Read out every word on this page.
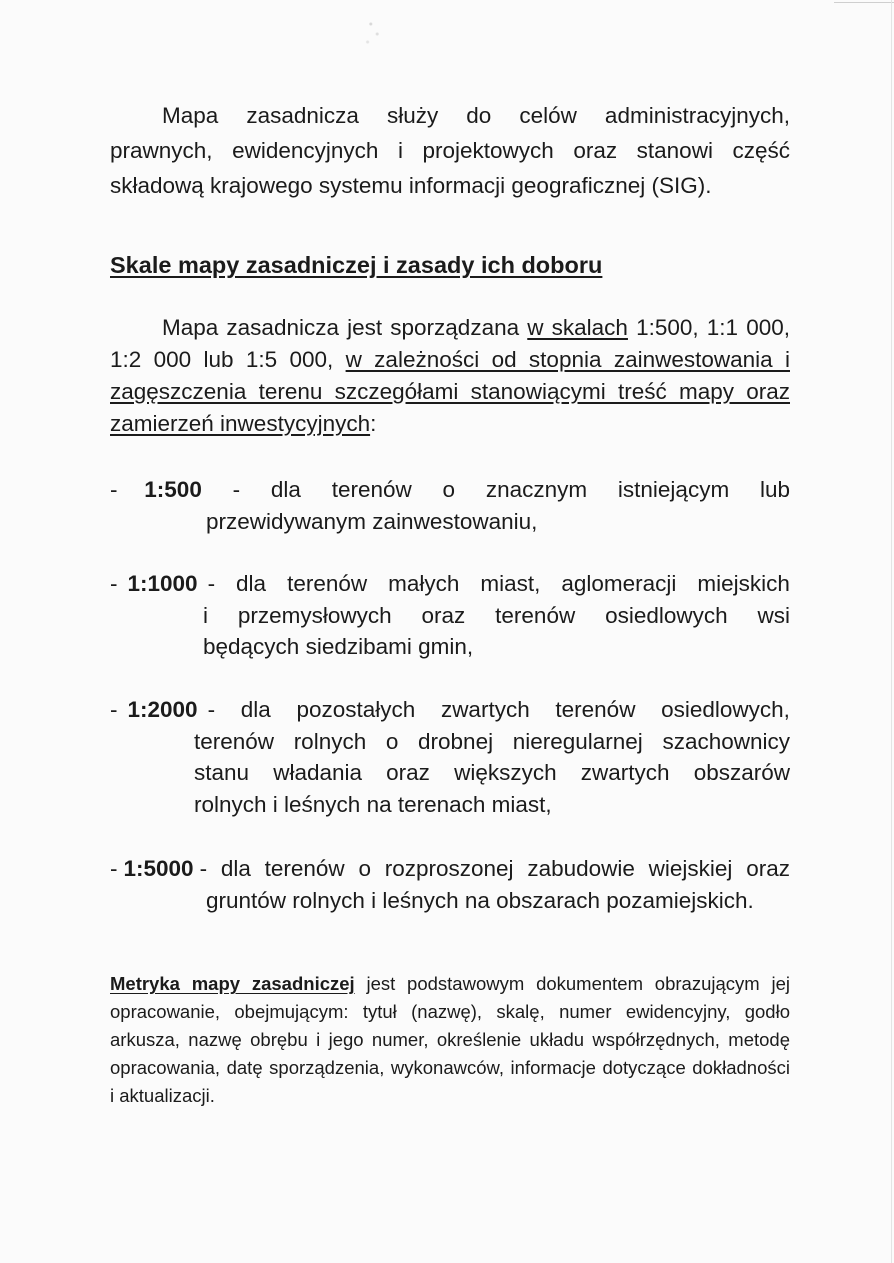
Mapa zasadnicza służy do celów administracyjnych,
prawnych, ewidencyjnych i projektowych oraz stanowi część
składową krajowego systemu informacji geograficznej (SIG).
Skale mapy zasadniczej i zasady ich doboru
Mapa zasadnicza jest sporządzana w skalach 1:500, 1:1 000, 1:2 000 lub 1:5 000, w zależności od stopnia zainwestowania i zagęszczenia terenu szczegółami stanowiącymi treść mapy oraz zamierzeń inwestycyjnych:
- 1:500 - dla terenów o znacznym istniejącym lub
przewidywanym zainwestowaniu,
- 1:1000 - dla terenów małych miast, aglomeracji miejskich
i przemysłowych oraz terenów osiedlowych wsi
będących siedzibami gmin,
- 1:2000 - dla pozostałych zwartych terenów osiedlowych,
terenów rolnych o drobnej nieregularnej szachownicy
stanu władania oraz większych zwartych obszarów
rolnych i leśnych na terenach miast,
- 1:5000 - dla terenów o rozproszonej zabudowie wiejskiej oraz
gruntów rolnych i leśnych na obszarach pozamiejskich.
Metryka mapy zasadniczej jest podstawowym dokumentem obrazującym jej opracowanie, obejmującym: tytuł (nazwę), skalę, numer ewidencyjny, godło arkusza, nazwę obrębu i jego numer, określenie układu współrzędnych, metodę opracowania, datę sporządzenia, wykonawców, informacje dotyczące dokładności i aktualizacji.
